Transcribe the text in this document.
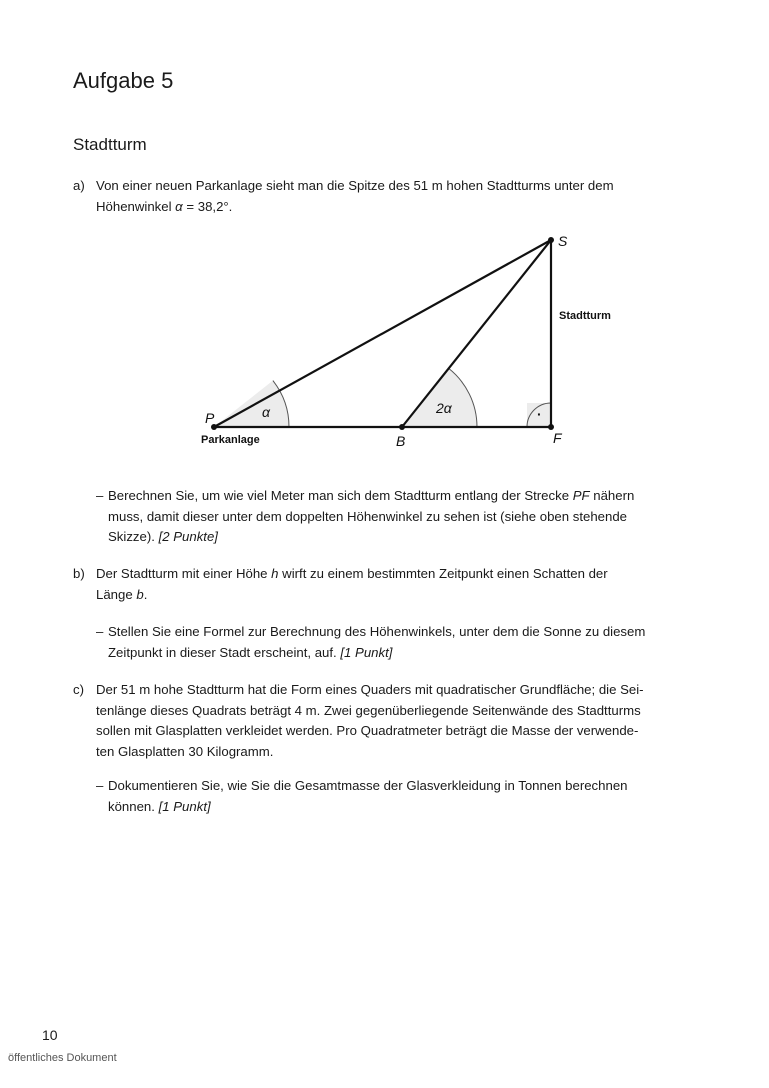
Aufgabe 5
Stadtturm
a) Von einer neuen Parkanlage sieht man die Spitze des 51 m hohen Stadtturms unter dem
Höhenwinkel α = 38,2°.
S
P
B	F
α	2α
Parkanlage
Stadtturm
·
– Berechnen Sie, um wie viel Meter man sich dem Stadtturm entlang der Strecke PF nähern
muss, damit dieser unter dem doppelten Höhenwinkel zu sehen ist (siehe oben stehende
Skizze). [2 Punkte]
b) Der Stadtturm mit einer Höhe h wirft zu einem bestimmten Zeitpunkt einen Schatten der
Länge b.
– Stellen Sie eine Formel zur Berechnung des Höhenwinkels, unter dem die Sonne zu diesem
Zeitpunkt in dieser Stadt erscheint, auf. [1 Punkt]
c) Der 51 m hohe Stadtturm hat die Form eines Quaders mit quadratischer Grundfläche; die Sei-
tenlänge dieses Quadrats beträgt 4 m. Zwei gegenüberliegende Seitenwände des Stadtturms
sollen mit Glasplatten verkleidet werden. Pro Quadratmeter beträgt die Masse der verwende-
ten Glasplatten 30 Kilogramm.
– Dokumentieren Sie, wie Sie die Gesamtmasse der Glasverkleidung in Tonnen berechnen
können. [1 Punkt]
10
öffentliches Dokument
